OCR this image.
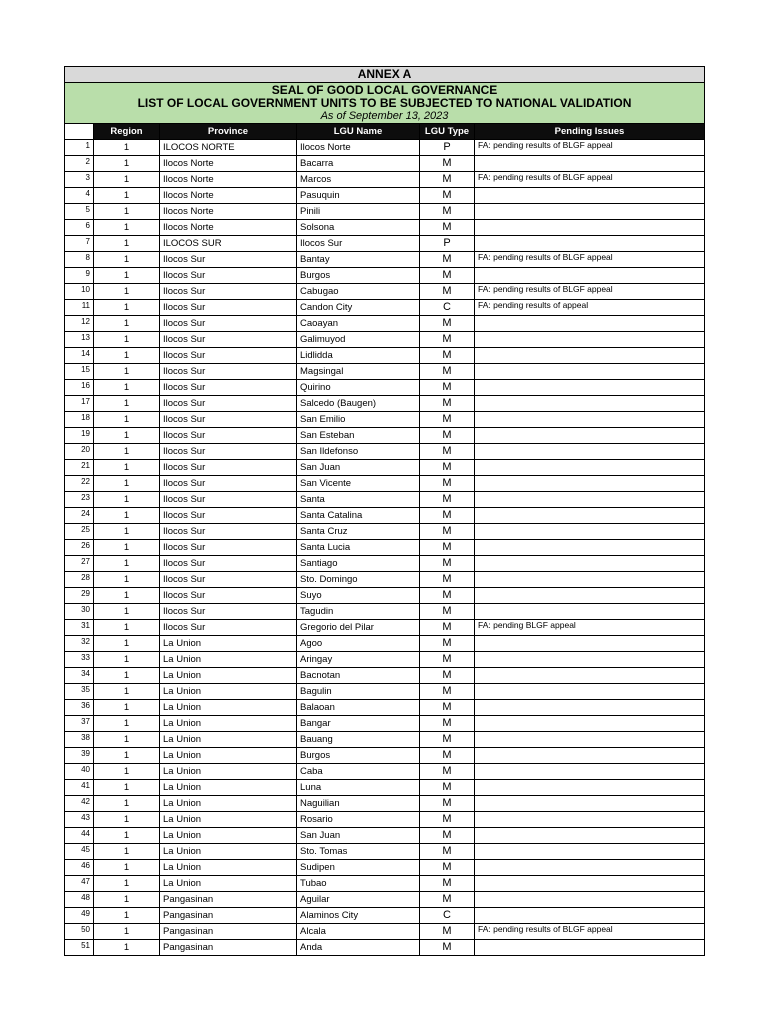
ANNEX A					

SEAL OF GOOD LOCAL GOVERNANCE
LIST OF LOCAL GOVERNMENT UNITS TO BE SUBJECTED TO NATIONAL VALIDATION
As of September 13, 2023					

	Region	Province	LGU Name	LGU Type	Pending Issues
1	1	ILOCOS NORTE	Ilocos Norte	P	FA: pending results of BLGF appeal
2	1	Ilocos Norte	Bacarra	M	
3	1	Ilocos Norte	Marcos	M	FA: pending results of BLGF appeal
4	1	Ilocos Norte	Pasuquin	M	
5	1	Ilocos Norte	Pinili	M	
6	1	Ilocos Norte	Solsona	M	
7	1	ILOCOS SUR	Ilocos Sur	P	
8	1	Ilocos Sur	Bantay	M	FA: pending results of BLGF appeal
9	1	Ilocos Sur	Burgos	M	
10	1	Ilocos Sur	Cabugao	M	FA: pending results of BLGF appeal
11	1	Ilocos Sur	Candon City	C	FA: pending results of appeal
12	1	Ilocos Sur	Caoayan	M	
13	1	Ilocos Sur	Galimuyod	M	
14	1	Ilocos Sur	Lidlidda	M	
15	1	Ilocos Sur	Magsingal	M	
16	1	Ilocos Sur	Quirino	M	
17	1	Ilocos Sur	Salcedo (Baugen)	M	
18	1	Ilocos Sur	San Emilio	M	
19	1	Ilocos Sur	San Esteban	M	
20	1	Ilocos Sur	San Ildefonso	M	
21	1	Ilocos Sur	San Juan	M	
22	1	Ilocos Sur	San Vicente	M	
23	1	Ilocos Sur	Santa	M	
24	1	Ilocos Sur	Santa Catalina	M	
25	1	Ilocos Sur	Santa Cruz	M	
26	1	Ilocos Sur	Santa Lucia	M	
27	1	Ilocos Sur	Santiago	M	
28	1	Ilocos Sur	Sto. Domingo	M	
29	1	Ilocos Sur	Suyo	M	
30	1	Ilocos Sur	Tagudin	M	
31	1	Ilocos Sur	Gregorio del Pilar	M	FA: pending BLGF appeal
32	1	La Union	Agoo	M	
33	1	La Union	Aringay	M	
34	1	La Union	Bacnotan	M	
35	1	La Union	Bagulin	M	
36	1	La Union	Balaoan	M	
37	1	La Union	Bangar	M	
38	1	La Union	Bauang	M	
39	1	La Union	Burgos	M	
40	1	La Union	Caba	M	
41	1	La Union	Luna	M	
42	1	La Union	Naguilian	M	
43	1	La Union	Rosario	M	
44	1	La Union	San Juan	M	
45	1	La Union	Sto. Tomas	M	
46	1	La Union	Sudipen	M	
47	1	La Union	Tubao	M	
48	1	Pangasinan	Aguilar	M	
49	1	Pangasinan	Alaminos City	C	
50	1	Pangasinan	Alcala	M	FA: pending results of BLGF appeal
51	1	Pangasinan	Anda	M	
